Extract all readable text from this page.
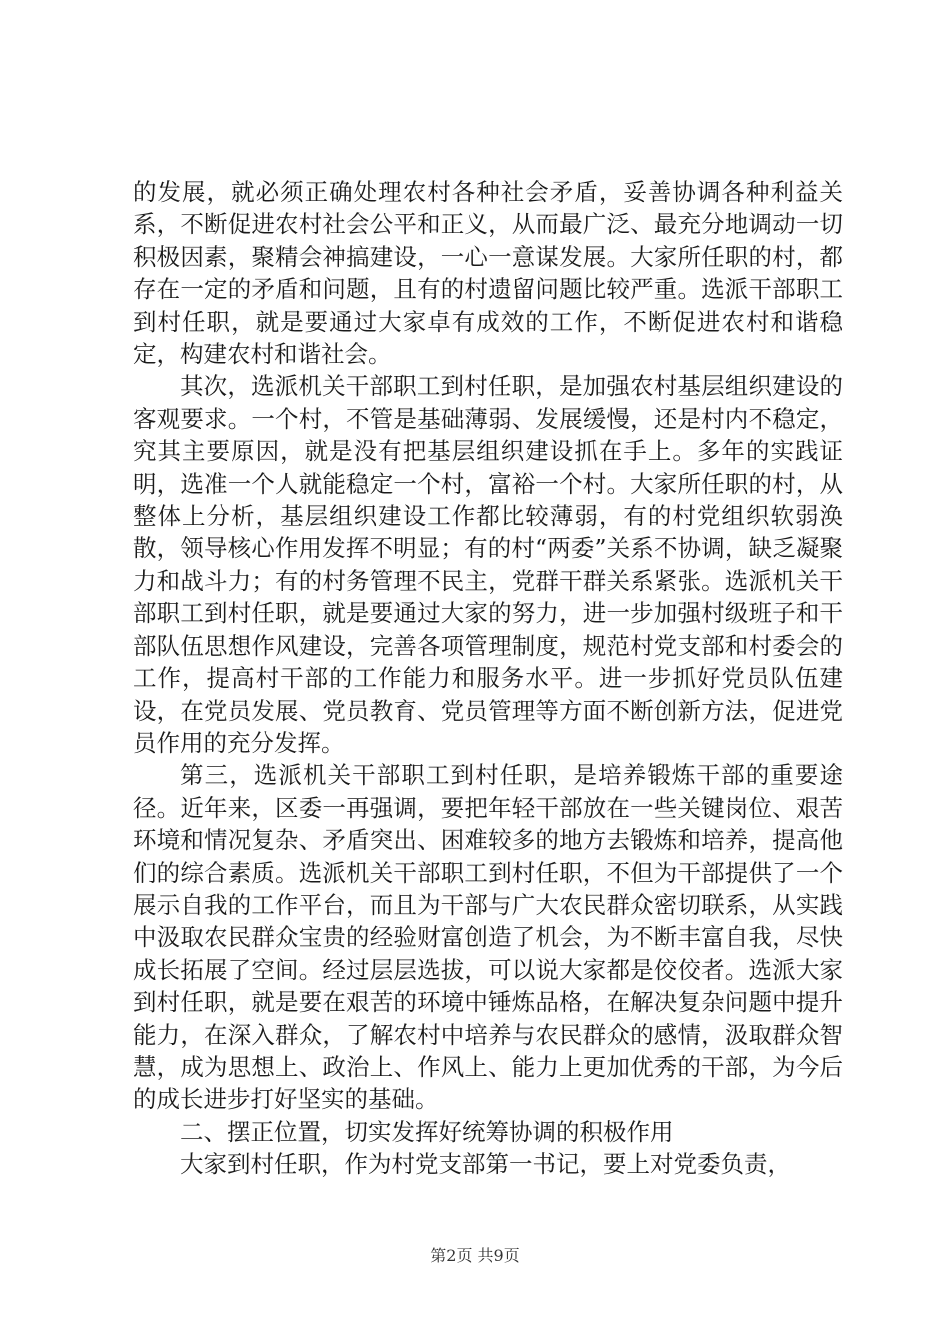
的发展，就必须正确处理农村各种社会矛盾，妥善协调各种利益关系，不断促进农村社会公平和正义，从而最广泛、最充分地调动一切积极因素，聚精会神搞建设，一心一意谋发展。大家所任职的村，都存在一定的矛盾和问题，且有的村遗留问题比较严重。选派干部职工到村任职，就是要通过大家卓有成效的工作，不断促进农村和谐稳定，构建农村和谐社会。

其次，选派机关干部职工到村任职，是加强农村基层组织建设的客观要求。一个村，不管是基础薄弱、发展缓慢，还是村内不稳定，究其主要原因，就是没有把基层组织建设抓在手上。多年的实践证明，选准一个人就能稳定一个村，富裕一个村。大家所任职的村，从整体上分析，基层组织建设工作都比较薄弱，有的村党组织软弱涣散，领导核心作用发挥不明显；有的村“两委”关系不协调，缺乏凝聚力和战斗力；有的村务管理不民主，党群干群关系紧张。选派机关干部职工到村任职，就是要通过大家的努力，进一步加强村级班子和干部队伍思想作风建设，完善各项管理制度，规范村党支部和村委会的工作，提高村干部的工作能力和服务水平。进一步抓好党员队伍建设，在党员发展、党员教育、党员管理等方面不断创新方法，促进党员作用的充分发挥。

第三，选派机关干部职工到村任职，是培养锻炼干部的重要途径。近年来，区委一再强调，要把年轻干部放在一些关键岗位、艰苦环境和情况复杂、矛盾突出、困难较多的地方去锻炼和培养，提高他们的综合素质。选派机关干部职工到村任职，不但为干部提供了一个展示自我的工作平台，而且为干部与广大农民群众密切联系，从实践中汲取农民群众宝贵的经验财富创造了机会，为不断丰富自我，尽快成长拓展了空间。经过层层选拔，可以说大家都是佼佼者。选派大家到村任职，就是要在艰苦的环境中锤炼品格，在解决复杂问题中提升能力，在深入群众，了解农村中培养与农民群众的感情，汲取群众智慧，成为思想上、政治上、作风上、能力上更加优秀的干部，为今后的成长进步打好坚实的基础。

二、摆正位置，切实发挥好统筹协调的积极作用

大家到村任职，作为村党支部第一书记，要上对党委负责，

第2页 共9页
